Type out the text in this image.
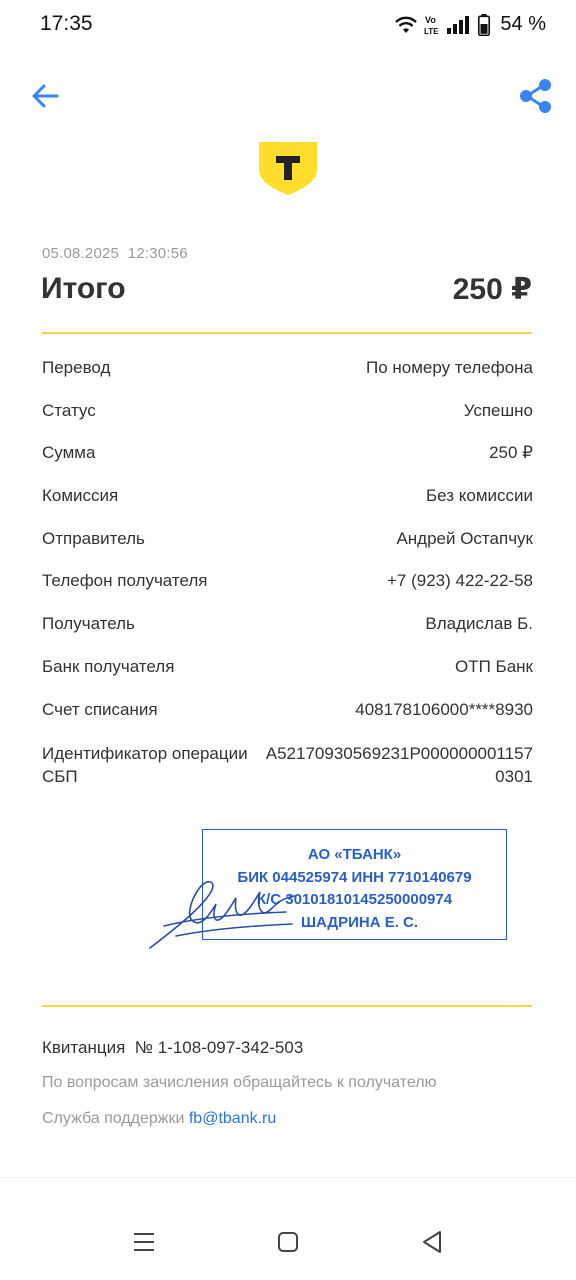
17:35	Vo
LTE	54 %
05.08.2025  12:30:56
Итого	250 ₽
Перевод	По номеру телефона
Статус	Успешно
Сумма	250 ₽
Комиссия	Без комиссии
Отправитель	Андрей Остапчук
Телефон получателя	+7 (923) 422-22-58
Получатель	Владислав Б.
Банк получателя	ОТП Банк
Счет списания	408178106000****8930
Идентификатор операции СБП
A52170930569231P0000000011570301
АО «ТБАНК»
БИК 044525974 ИНН 7710140679
К/С 30101810145250000974
ШАДРИНА Е. С.
Квитанция  № 1-108-097-342-503
По вопросам зачисления обращайтесь к получателю
Служба поддержки fb@tbank.ru
